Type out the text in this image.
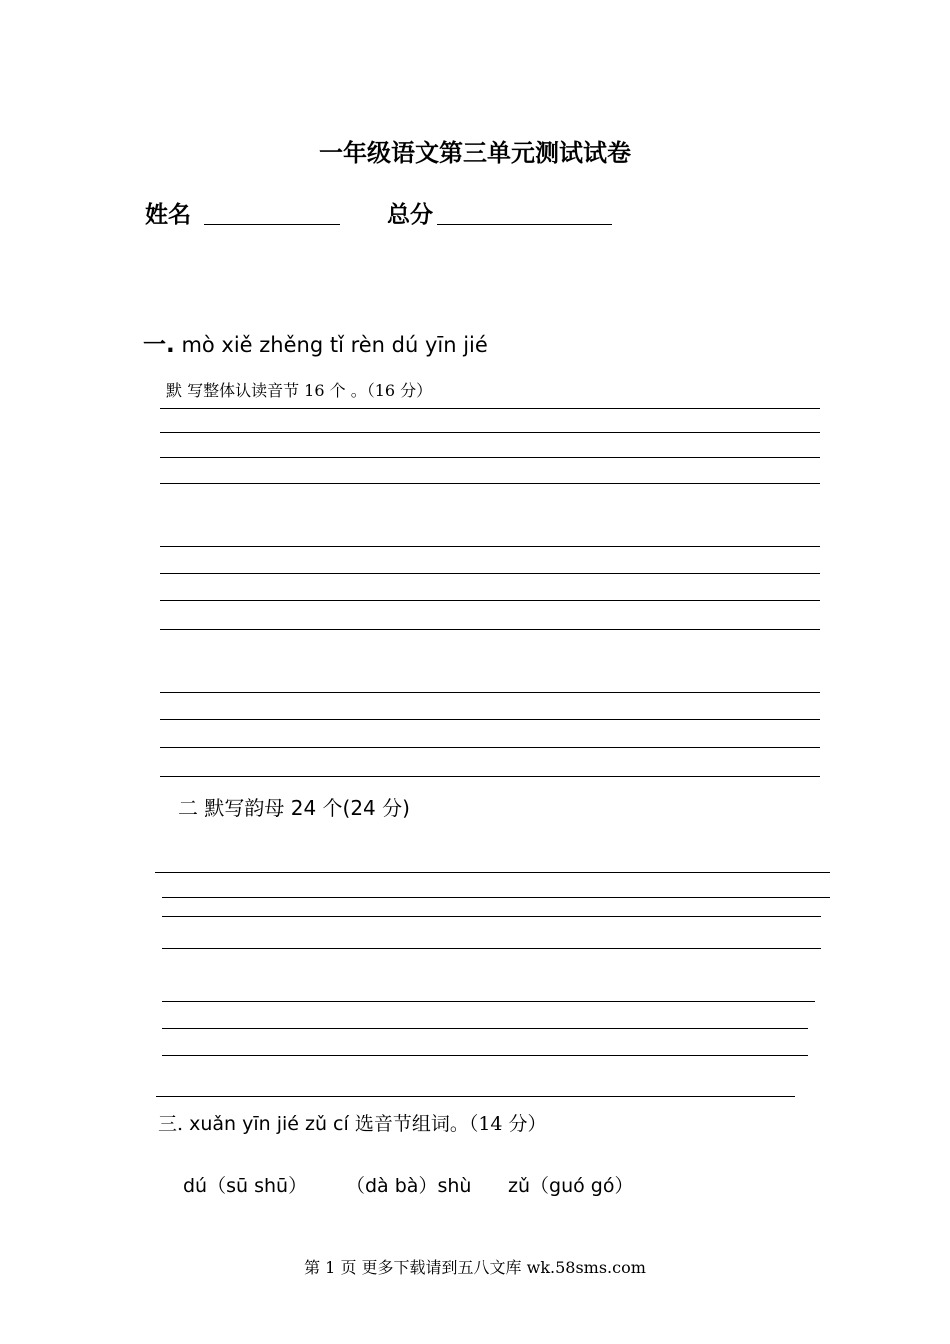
一年级语文第三单元测试试卷
姓名	总分
一. mò xiě zhěng tǐ rèn dú yīn jié
默 写整体认读音节 16 个 。（16 分）
二 默写韵母 24 个(24 分)
三. xuǎn yīn jié zǔ cí 选音节组词。（14 分）
dú（sū shū） （dà bà）shù zǔ（guó gó）
第 1 页 更多下载请到五八文库 wk.58sms.com
